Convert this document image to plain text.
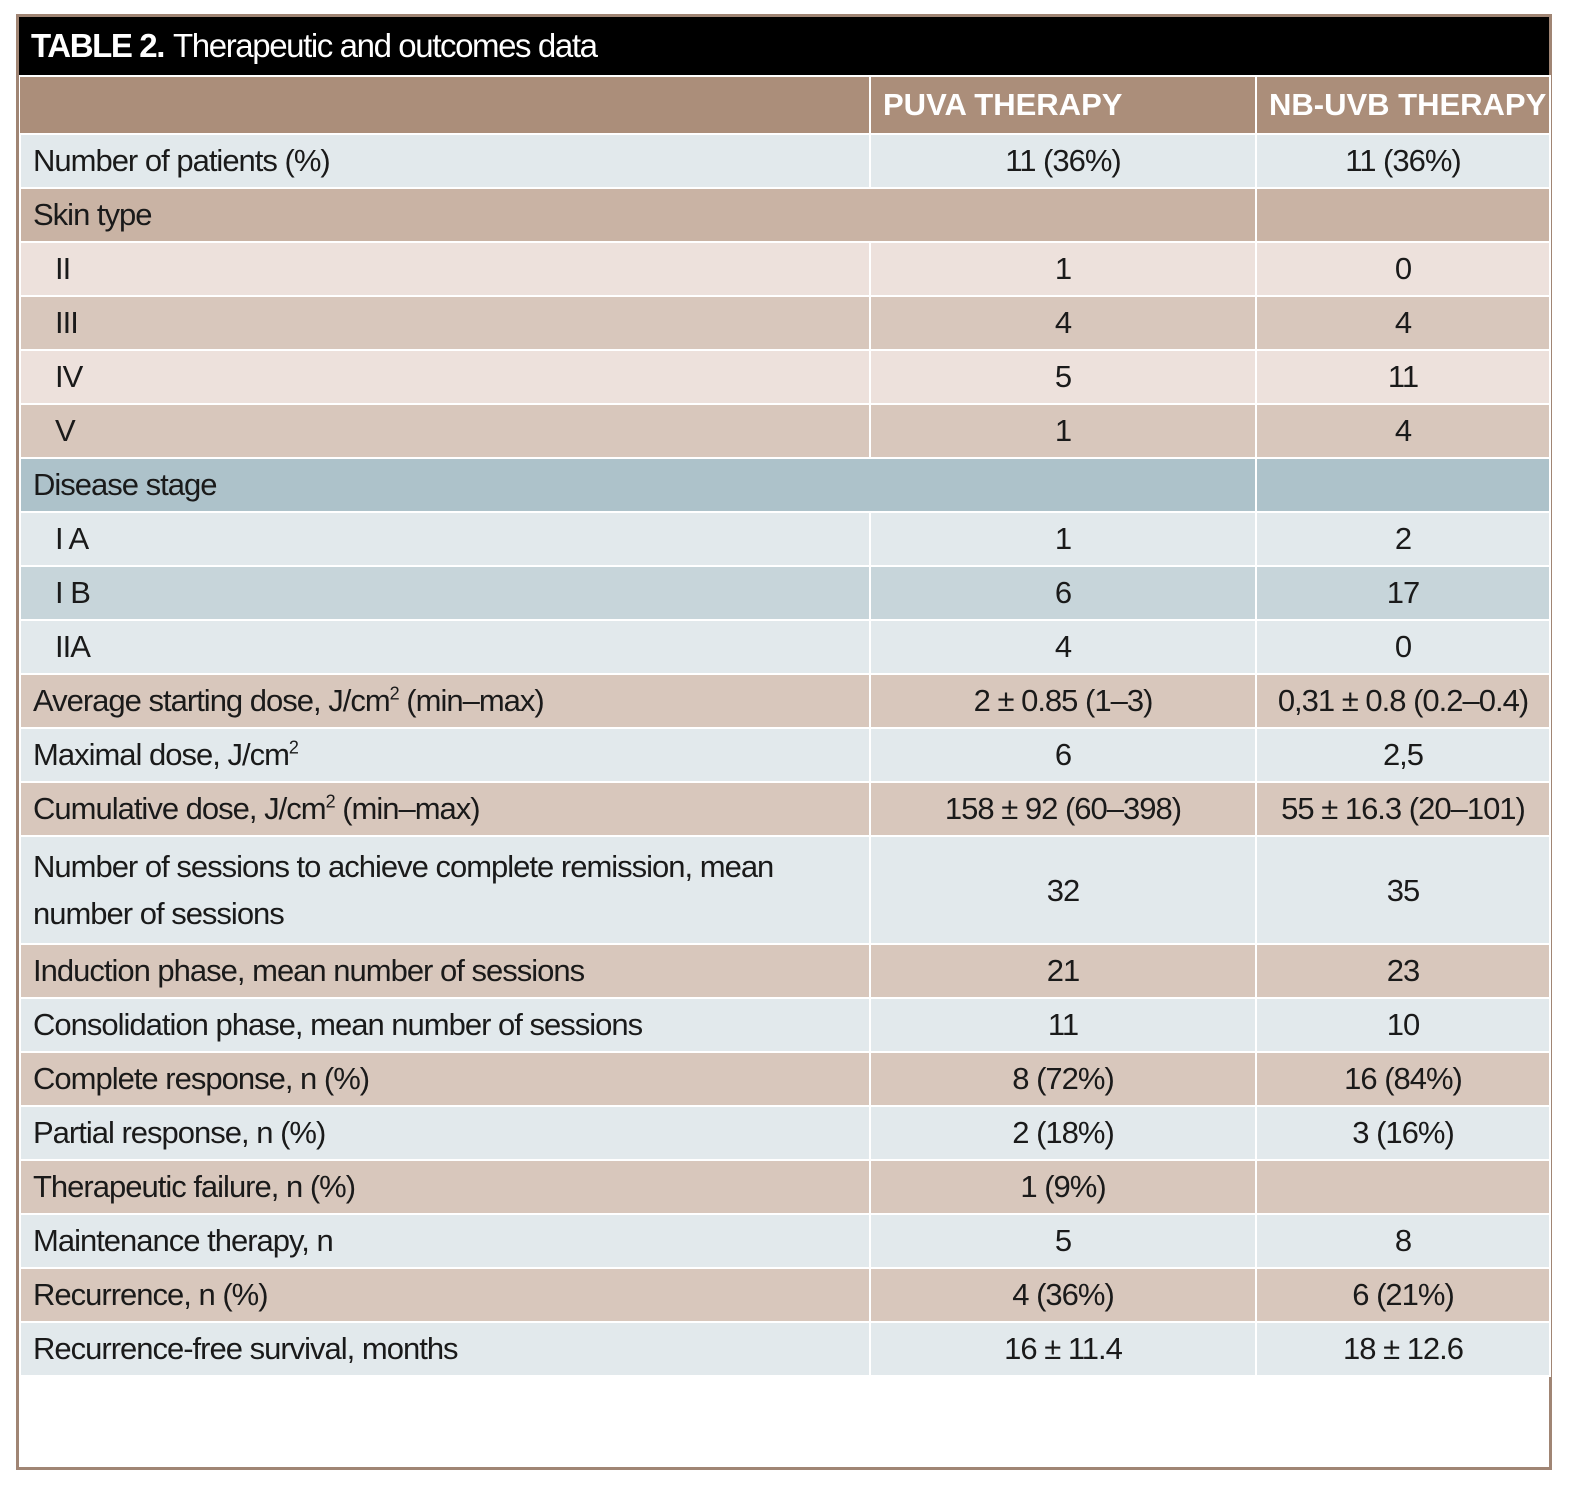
TABLE 2. Therapeutic and outcomes data
	PUVA THERAPY	NB-UVB THERAPY
Number of patients (%)	11 (36%)	11 (36%)
Skin type		
II	1	0
III	4	4
IV	5	11
V	1	4
Disease stage		
I A	1	2
I B	6	17
IIA	4	0
Average starting dose, $J/cm^2$ (min–max)	2 ± 0.85 (1–3)	0,31 ± 0.8 (0.2–0.4)
Maximal dose, $J/cm^2$	6	2,5
Cumulative dose, $J/cm^2$ (min–max)	158 ± 92 (60–398)	55 ± 16.3 (20–101)
Number of sessions to achieve complete remission, mean number of sessions	32	35
Induction phase, mean number of sessions	21	23
Consolidation phase, mean number of sessions	11	10
Complete response, n (%)	8 (72%)	16 (84%)
Partial response, n (%)	2 (18%)	3 (16%)
Therapeutic failure, n (%)	1 (9%)	
Maintenance therapy, n	5	8
Recurrence, n (%)	4 (36%)	6 (21%)
Recurrence-free survival, months	16 ± 11.4	18 ± 12.6
